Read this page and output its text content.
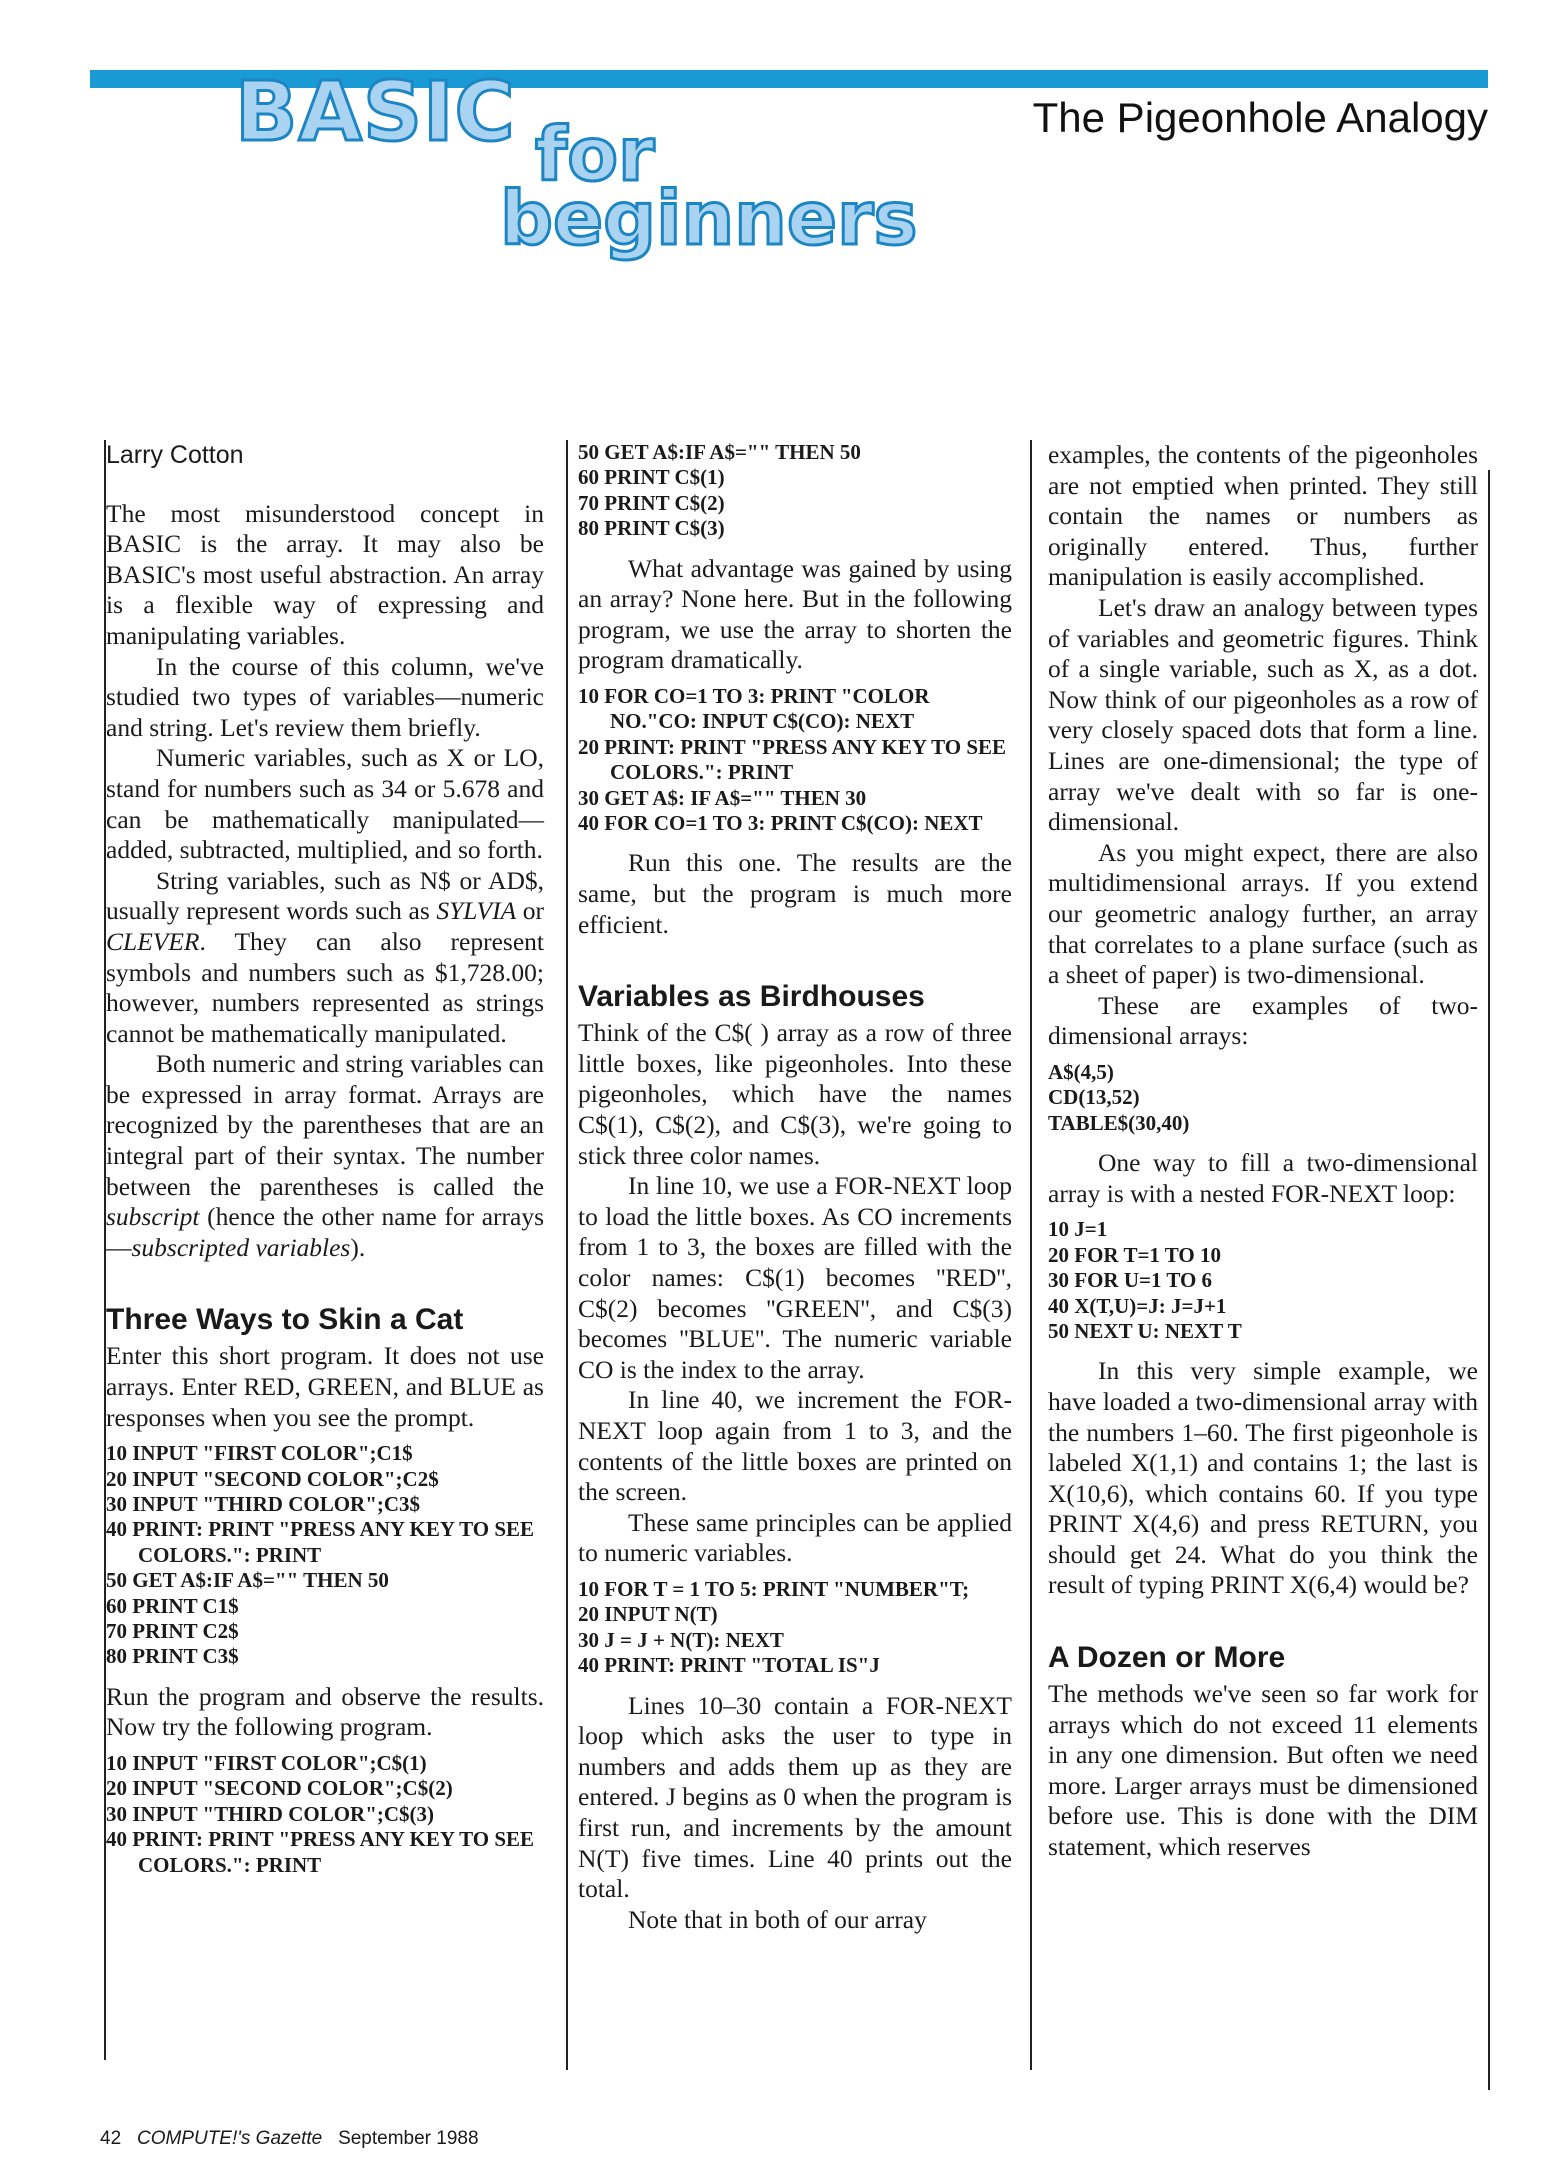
BASIC for
beginners
The Pigeonhole Analogy
Larry Cotton

The most misunderstood concept in BASIC is the array. It may also be BASIC's most useful abstraction. An array is a flexible way of expressing and manipulating variables.

In the course of this column, we've studied two types of variables—numeric and string. Let's review them briefly.

Numeric variables, such as X or LO, stand for numbers such as 34 or 5.678 and can be mathematically manipulated—added, subtracted, multiplied, and so forth.

String variables, such as N$ or AD$, usually represent words such as SYLVIA or CLEVER. They can also represent symbols and numbers such as $1,728.00; however, numbers represented as strings cannot be mathematically manipulated.

Both numeric and string variables can be expressed in array format. Arrays are recognized by the parentheses that are an integral part of their syntax. The number between the parentheses is called the subscript (hence the other name for arrays—subscripted variables).

Three Ways to Skin a Cat

Enter this short program. It does not use arrays. Enter RED, GREEN, and BLUE as responses when you see the prompt.

10 INPUT "FIRST COLOR";C1$
20 INPUT "SECOND COLOR";C2$
30 INPUT "THIRD COLOR";C3$
40 PRINT: PRINT "PRESS ANY KEY TO SEE COLORS.": PRINT
50 GET A$:IF A$="" THEN 50
60 PRINT C1$
70 PRINT C2$
80 PRINT C3$

Run the program and observe the results. Now try the following program.

10 INPUT "FIRST COLOR";C$(1)
20 INPUT "SECOND COLOR";C$(2)
30 INPUT "THIRD COLOR";C$(3)
40 PRINT: PRINT "PRESS ANY KEY TO SEE COLORS.": PRINT
50 GET A$:IF A$="" THEN 50
60 PRINT C$(1)
70 PRINT C$(2)
80 PRINT C$(3)

What advantage was gained by using an array? None here. But in the following program, we use the array to shorten the program dramatically.

10 FOR CO=1 TO 3: PRINT "COLOR NO."CO: INPUT C$(CO): NEXT
20 PRINT: PRINT "PRESS ANY KEY TO SEE COLORS.": PRINT
30 GET A$: IF A$="" THEN 30
40 FOR CO=1 TO 3: PRINT C$(CO): NEXT

Run this one. The results are the same, but the program is much more efficient.

Variables as Birdhouses

Think of the C$( ) array as a row of three little boxes, like pigeonholes. Into these pigeonholes, which have the names C$(1), C$(2), and C$(3), we're going to stick three color names.

In line 10, we use a FOR-NEXT loop to load the little boxes. As CO increments from 1 to 3, the boxes are filled with the color names: C$(1) becomes ''RED'', C$(2) becomes ''GREEN'', and C$(3) becomes ''BLUE''. The numeric variable CO is the index to the array.

In line 40, we increment the FOR-NEXT loop again from 1 to 3, and the contents of the little boxes are printed on the screen.

These same principles can be applied to numeric variables.

10 FOR T = 1 TO 5: PRINT "NUMBER"T;
20 INPUT N(T)
30 J = J + N(T): NEXT
40 PRINT: PRINT "TOTAL IS"J

Lines 10–30 contain a FOR-NEXT loop which asks the user to type in numbers and adds them up as they are entered. J begins as 0 when the program is first run, and increments by the amount N(T) five times. Line 40 prints out the total.

Note that in both of our array

examples, the contents of the pigeonholes are not emptied when printed. They still contain the names or numbers as originally entered. Thus, further manipulation is easily accomplished.

Let's draw an analogy between types of variables and geometric figures. Think of a single variable, such as X, as a dot. Now think of our pigeonholes as a row of very closely spaced dots that form a line. Lines are one-dimensional; the type of array we've dealt with so far is one-dimensional.

As you might expect, there are also multidimensional arrays. If you extend our geometric analogy further, an array that correlates to a plane surface (such as a sheet of paper) is two-dimensional.

These are examples of two-dimensional arrays:

A$(4,5)
CD(13,52)
TABLE$(30,40)

One way to fill a two-dimensional array is with a nested FOR-NEXT loop:

10 J=1
20 FOR T=1 TO 10
30 FOR U=1 TO 6
40 X(T,U)=J: J=J+1
50 NEXT U: NEXT T

In this very simple example, we have loaded a two-dimensional array with the numbers 1–60. The first pigeonhole is labeled X(1,1) and contains 1; the last is X(10,6), which contains 60. If you type PRINT X(4,6) and press RETURN, you should get 24. What do you think the result of typing PRINT X(6,4) would be?

A Dozen or More

The methods we've seen so far work for arrays which do not exceed 11 elements in any one dimension. But often we need more. Larger arrays must be dimensioned before use. This is done with the DIM statement, which reserves

42 COMPUTE!'s Gazette September 1988
